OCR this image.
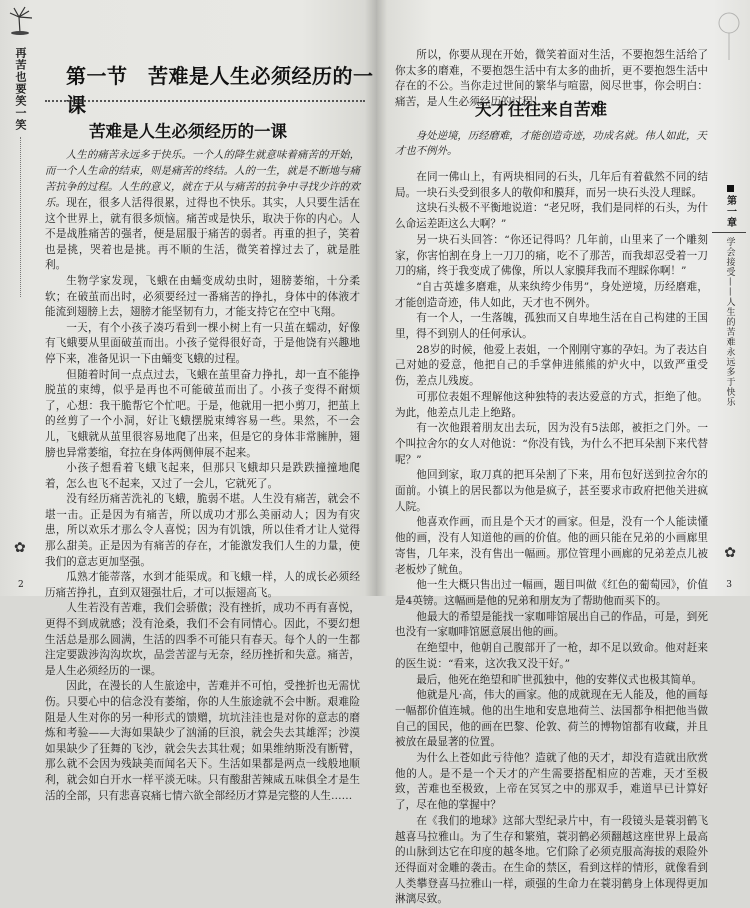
再苦也要笑一笑 第一节　苦难是人生必须经历的一课
苦难是人生必须经历的一课
人生的痛苦永远多于快乐。一个人的降生就意味着痛苦的开始，而一个人生命的结束，则是痛苦的终结。人的一生，就是不断地与痛苦抗争的过程。人生的意义，就在于从与痛苦的抗争中寻找少许的欢乐。 现在，很多人活得很累，过得也不快乐。其实，人只要生活在这个世界上，就有很多烦恼。痛苦或是快乐，取决于你的内心。人不是战胜痛苦的强者，便是屈服于痛苦的弱者。再重的担子，笑着也是挑，哭着也是挑。再不顺的生活，微笑着撑过去了，就是胜利。

生物学家发现，飞蛾在由蛹变成幼虫时，翅膀萎缩，十分柔软；在破茧而出时，必须要经过一番痛苦的挣扎，身体中的体液才能流到翅膀上去，翅膀才能坚韧有力，才能支持它在空中飞翔。

一天，有个小孩子凑巧看到一棵小树上有一只茧在蠕动，好像有飞蛾要从里面破茧而出。小孩子觉得很好奇，于是他饶有兴趣地停下来，准备见识一下由蛹变飞蛾的过程。

但随着时间一点点过去，飞蛾在茧里奋力挣扎，却一直不能挣脱茧的束缚，似乎是再也不可能破茧而出了。小孩子变得不耐烦了，心想：我干脆帮它个忙吧。于是，他就用一把小剪刀，把茧上的丝剪了一个小洞，好让飞蛾摆脱束缚容易一些。果然，不一会儿，飞蛾就从茧里很容易地爬了出来，但是它的身体非常臃肿，翅膀也异常萎缩，耷拉在身体两侧伸展不起来。

小孩子想看着飞蛾飞起来，但那只飞蛾却只是跌跌撞撞地爬着，怎么也飞不起来，又过了一会儿，它就死了。

没有经历痛苦洗礼的飞蛾，脆弱不堪。人生没有痛苦，就会不堪一击。正是因为有痛苦，所以成功才那么美丽动人；因为有灾患，所以欢乐才那么令人喜悦；因为有饥饿，所以佳肴才让人觉得那么甜美。正是因为有痛苦的存在，才能激发我们人生的力量，使我们的意志更加坚强。

瓜熟才能蒂落，水到才能渠成。和飞蛾一样，人的成长必须经历痛苦挣扎，直到双翅强壮后，才可以振翅高飞。

人生若没有苦难，我们会骄傲；没有挫折，成功不再有喜悦，更得不到成就感；没有沧桑，我们不会有同情心。因此，不要幻想生活总是那么圆满，生活的四季不可能只有春天。每个人的一生都注定要跋涉沟沟坎坎，品尝苦涩与无奈，经历挫折和失意。痛苦，是人生必须经历的一课。

因此，在漫长的人生旅途中，苦难并不可怕，受挫折也无需忧伤。只要心中的信念没有萎缩，你的人生旅途就不会中断。艰难险阻是人生对你的另一种形式的馈赠，坑坑洼洼也是对你的意志的磨炼和考验——大海如果缺少了汹涌的巨浪，就会失去其雄浑；沙漠如果缺少了狂舞的飞沙，就会失去其壮观；如果维纳斯没有断臂，那么就不会因为残缺美而闻名天下。生活如果都是两点一线般地顺利，就会如白开水一样平淡无味。只有酸甜苦辣咸五味俱全才是生活的全部，只有悲喜哀痛七情六欲全部经历才算是完整的人生……

✿
2

所以，你要从现在开始，微笑着面对生活，不要抱怨生活给了你太多的磨难，不要抱怨生活中有太多的曲折，更不要抱怨生活中存在的不公。当你走过世间的繁华与喧嚣，阅尽世事，你会明白：痛苦，是人生必须经历的过程！

天才往往来自苦难
身处逆境，历经磨难，才能创造奇迹，功成名就。伟人如此，天才也不例外。

在同一佛山上，有两块相同的石头，几年后有着截然不同的结局。一块石头受到很多人的敬仰和膜拜，而另一块石头没人理睬。

这块石头极不平衡地说道：“老兄呀，我们是同样的石头，为什么命运差距这么大啊？”

另一块石头回答：“你还记得吗？几年前，山里来了一个雕刻家，你害怕割在身上一刀刀的痛，吃不了那苦，而我却忍受着一刀刀的痛，终于我变成了佛像，所以人家膜拜我而不理睬你啊！”

“自古英雄多磨难，从来纨绔少伟男”，身处逆境，历经磨难，才能创造奇迹，伟人如此，天才也不例外。

有一个人，一生落魄，孤独而又自卑地生活在自己构建的王国里，得不到别人的任何承认。

28岁的时候，他爱上表姐，一个刚刚守寡的孕妇。为了表达自己对她的爱意，他把自己的手掌伸进熊熊的炉火中，以致严重受伤，差点儿残废。

可那位表姐不理解他这种独特的表达爱意的方式，拒绝了他。为此，他差点儿走上绝路。

有一次他跟着朋友出去玩，因为没有5法郎，被拒之门外。一个叫拉舍尔的女人对他说：“你没有钱，为什么不把耳朵割下来代替呢？”

他回到家，取刀真的把耳朵割了下来，用布包好送到拉舍尔的面前。小镇上的居民都以为他是疯子，甚至要求市政府把他关进疯人院。

他喜欢作画，而且是个天才的画家。但是，没有一个人能读懂他的画，没有人知道他的画的价值。他的画只能在兄弟的小画廊里寄售，几年来，没有售出一幅画。那位管理小画廊的兄弟差点儿被老板炒了鱿鱼。

他一生大概只售出过一幅画，题目叫做《红色的葡萄园》，价值是4英镑。这幅画是他的兄弟和朋友为了帮助他而买下的。

他最大的希望是能找一家咖啡馆展出自己的作品，可是，到死也没有一家咖啡馆愿意展出他的画。

在绝望中，他朝自己腹部开了一枪，却不足以致命。他对赶来的医生说：“看来，这次我又没干好。”

最后，他死在绝望和旷世孤独中，他的安葬仪式也极其简单。

他就是凡·高，伟大的画家。他的成就现在无人能及，他的画每一幅都价值连城。他的出生地和安息地荷兰、法国都争相把他当做自己的国民，他的画在巴黎、伦敦、荷兰的博物馆都有收藏，并且被放在最显著的位置。

为什么上苍如此亏待他？造就了他的天才，却没有造就出欣赏他的人。是不是一个天才的产生需要搭配相应的苦难，天才至极致，苦难也至极致，上帝在冥冥之中的那双手，难道早已计算好了，尽在他的掌握中？

在《我们的地球》这部大型纪录片中，有一段镜头是蓑羽鹤飞越喜马拉雅山。为了生存和繁殖，蓑羽鹤必须翻越这座世界上最高的山脉到达它在印度的越冬地。它们除了必须克服高海拔的艰险外还得面对金雕的袭击。在生命的禁区，看到这样的情形，就像看到人类攀登喜马拉雅山一样，顽强的生命力在蓑羽鹤身上体现得更加淋漓尽致。

第一章
学会接受——人生的苦难永远多于快乐
✿
3
